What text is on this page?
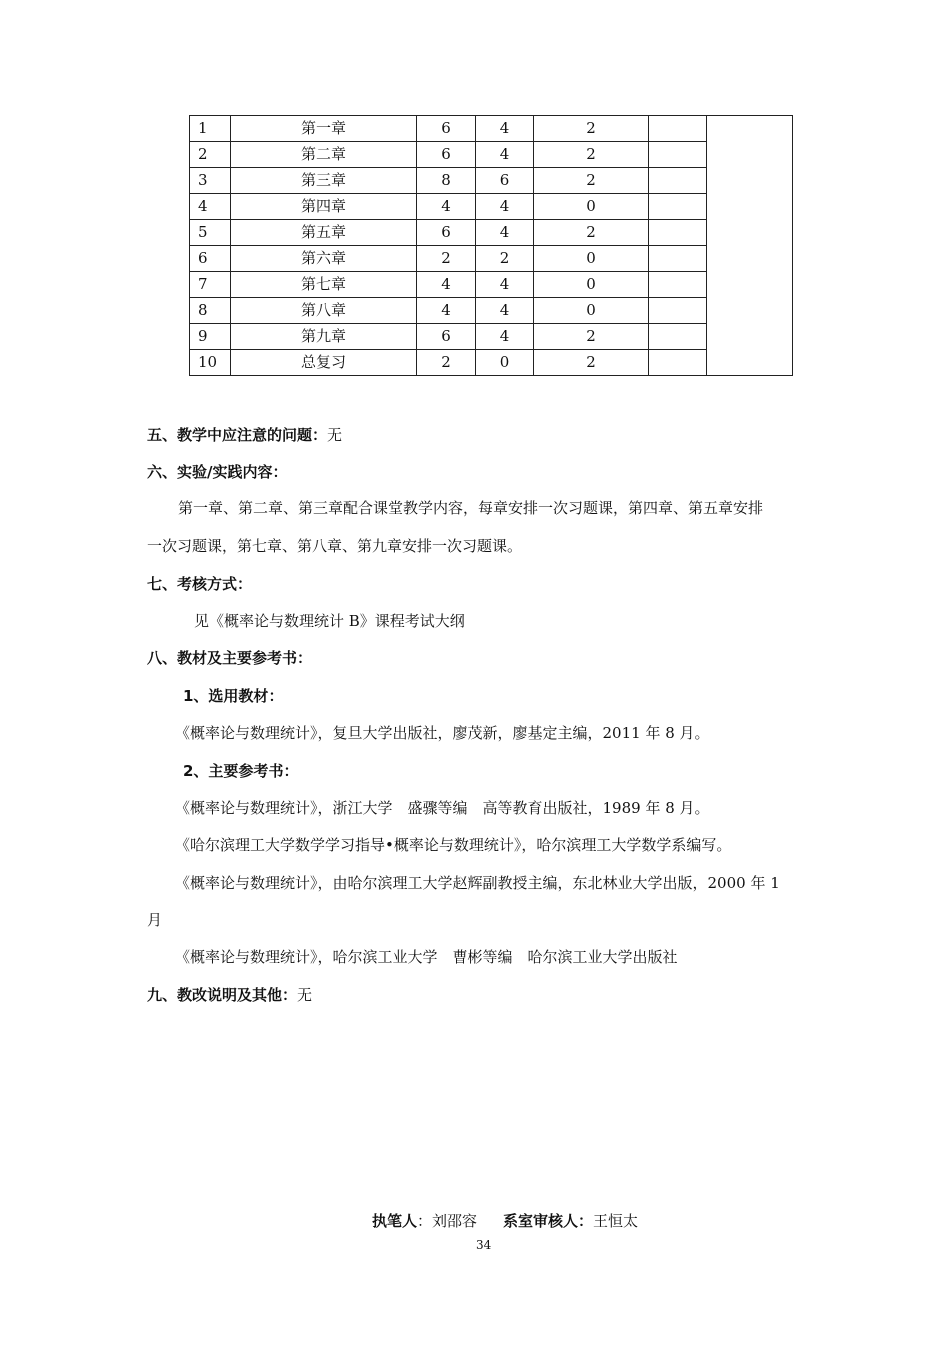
1	第一章	6	4	2		
2	第二章	6	4	2		
3	第三章	8	6	2		
4	第四章	4	4	0		
5	第五章	6	4	2		
6	第六章	2	2	0		
7	第七章	4	4	0		
8	第八章	4	4	0		
9	第九章	6	4	2		
10	总复习	2	0	2		
五、教学中应注意的问题：无
六、实验/实践内容：
第一章、第二章、第三章配合课堂教学内容，每章安排一次习题课，第四章、第五章安排
一次习题课，第七章、第八章、第九章安排一次习题课。
七、考核方式：
见《概率论与数理统计 B》课程考试大纲
八、教材及主要参考书：
1、选用教材：
《概率论与数理统计》，复旦大学出版社，廖茂新，廖基定主编，2011 年 8 月。
2、主要参考书：
《概率论与数理统计》，浙江大学　盛骤等编　高等教育出版社，1989 年 8 月。
《哈尔滨理工大学数学学习指导•概率论与数理统计》，哈尔滨理工大学数学系编写。
《概率论与数理统计》，由哈尔滨理工大学赵辉副教授主编，东北林业大学出版，2000 年 1
月
《概率论与数理统计》，哈尔滨工业大学　曹彬等编　哈尔滨工业大学出版社
九、教改说明及其他：无
执笔人：刘邵容 系室审核人：王恒太
34
